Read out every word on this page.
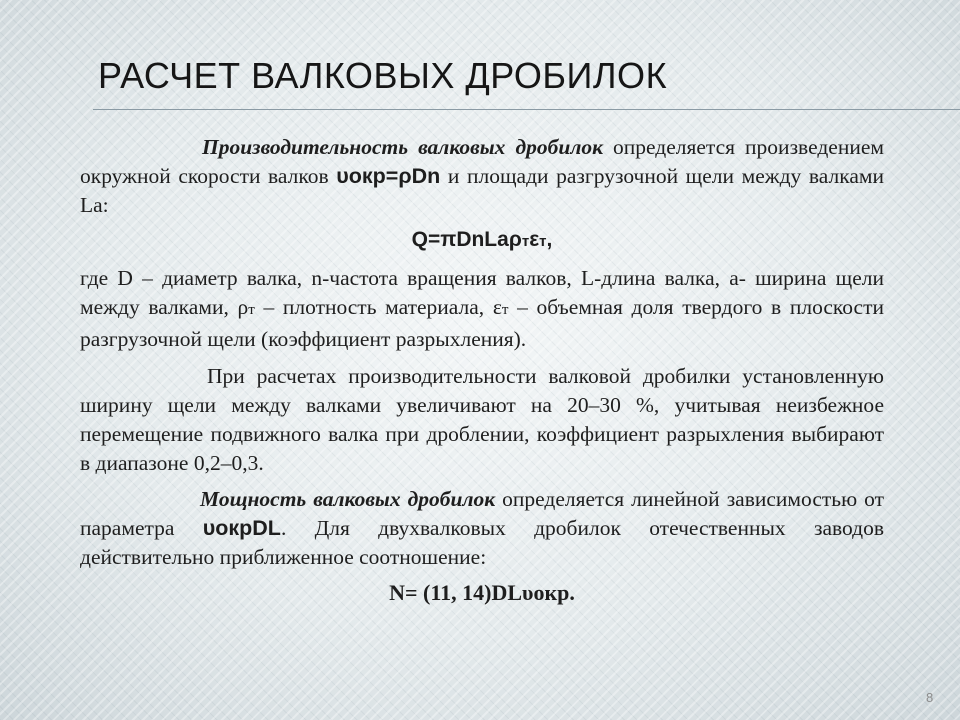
РАСЧЕТ ВАЛКОВЫХ ДРОБИЛОК

Производительность валковых дробилок определяется произведением окружной скорости валков υокр=ρDn и площади разгрузочной щели между валками La:

Q=πDnLaρтεт,

где D – диаметр валка, n-частота вращения валков, L-длина валка, а- ширина щели между валками, ρт – плотность материала, εт – объемная доля твердого в плоскости разгрузочной щели (коэффициент разрыхления).

При расчетах производительности валковой дробилки установленную ширину щели между валками увеличивают на 20–30 %, учитывая неизбежное перемещение подвижного валка при дроблении, коэффициент разрыхления выбирают в диапазоне 0,2–0,3.

Мощность валковых дробилок определяется линейной зависимостью от параметра υокрDL. Для двухвалковых дробилок отечественных заводов действительно приближенное соотношение:

N= (11, 14)DLυокр.

8
